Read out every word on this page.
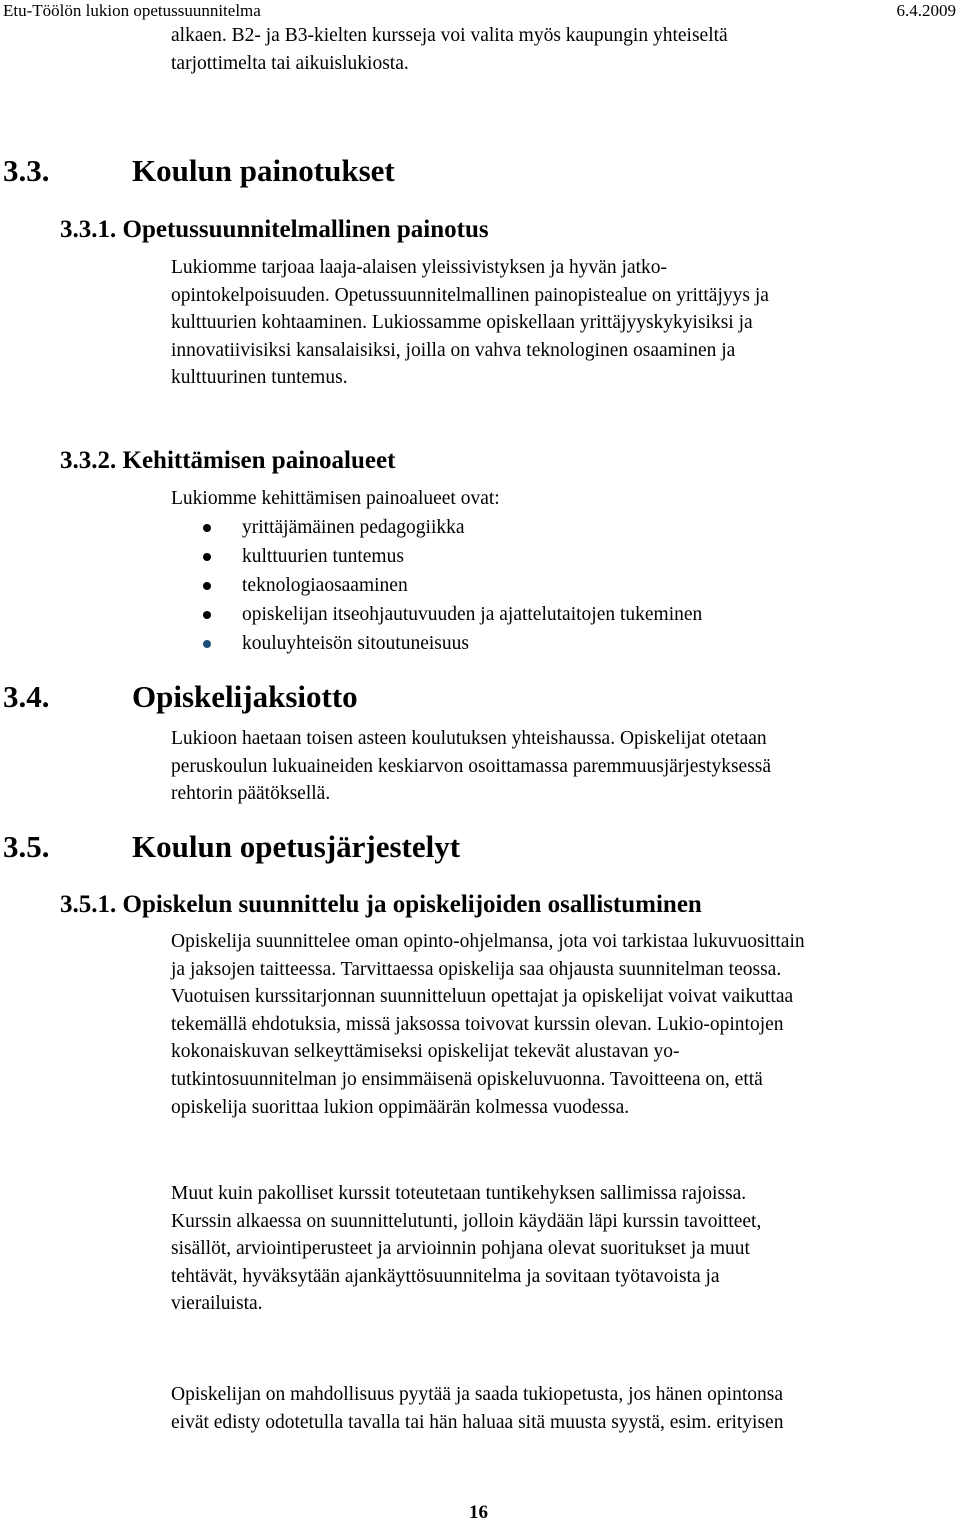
Etu-Töölön lukion opetussuunnitelma	6.4.2009
alkaen. B2- ja B3-kielten kursseja voi valita myös kaupungin yhteiseltä
tarjottimelta tai aikuislukiosta.
3.3.	Koulun painotukset
3.3.1. Opetussuunnitelmallinen painotus
Lukiomme tarjoaa laaja-alaisen yleissivistyksen ja hyvän jatko-
opintokelpoisuuden. Opetussuunnitelmallinen painopistealue on yrittäjyys ja
kulttuurien kohtaaminen. Lukiossamme opiskellaan yrittäjyyskykyisiksi ja
innovatiivisiksi kansalaisiksi, joilla on vahva teknologinen osaaminen ja
kulttuurinen tuntemus.
3.3.2. Kehittämisen painoalueet
Lukiomme kehittämisen painoalueet ovat:
yrittäjämäinen pedagogiikka
kulttuurien tuntemus
teknologiaosaaminen
opiskelijan itseohjautuvuuden ja ajattelutaitojen tukeminen
kouluyhteisön sitoutuneisuus
3.4.	Opiskelijaksiotto
Lukioon haetaan toisen asteen koulutuksen yhteishaussa. Opiskelijat otetaan
peruskoulun lukuaineiden keskiarvon osoittamassa paremmuusjärjestyksessä
rehtorin päätöksellä.
3.5.	Koulun opetusjärjestelyt
3.5.1. Opiskelun suunnittelu ja opiskelijoiden osallistuminen
Opiskelija suunnittelee oman opinto-ohjelmansa, jota voi tarkistaa lukuvuosittain
ja jaksojen taitteessa. Tarvittaessa opiskelija saa ohjausta suunnitelman teossa.
Vuotuisen kurssitarjonnan suunnitteluun opettajat ja opiskelijat voivat vaikuttaa
tekemällä ehdotuksia, missä jaksossa toivovat kurssin olevan. Lukio-opintojen
kokonaiskuvan selkeyttämiseksi opiskelijat tekevät alustavan yo-
tutkintosuunnitelman jo ensimmäisenä opiskeluvuonna. Tavoitteena on, että
opiskelija suorittaa lukion oppimäärän kolmessa vuodessa.
Muut kuin pakolliset kurssit toteutetaan tuntikehyksen sallimissa rajoissa.
Kurssin alkaessa on suunnittelutunti, jolloin käydään läpi kurssin tavoitteet,
sisällöt, arviointiperusteet ja arvioinnin pohjana olevat suoritukset ja muut
tehtävät, hyväksytään ajankäyttösuunnitelma ja sovitaan työtavoista ja
vierailuista.
Opiskelijan on mahdollisuus pyytää ja saada tukiopetusta, jos hänen opintonsa
eivät edisty odotetulla tavalla tai hän haluaa sitä muusta syystä, esim. erityisen
16
